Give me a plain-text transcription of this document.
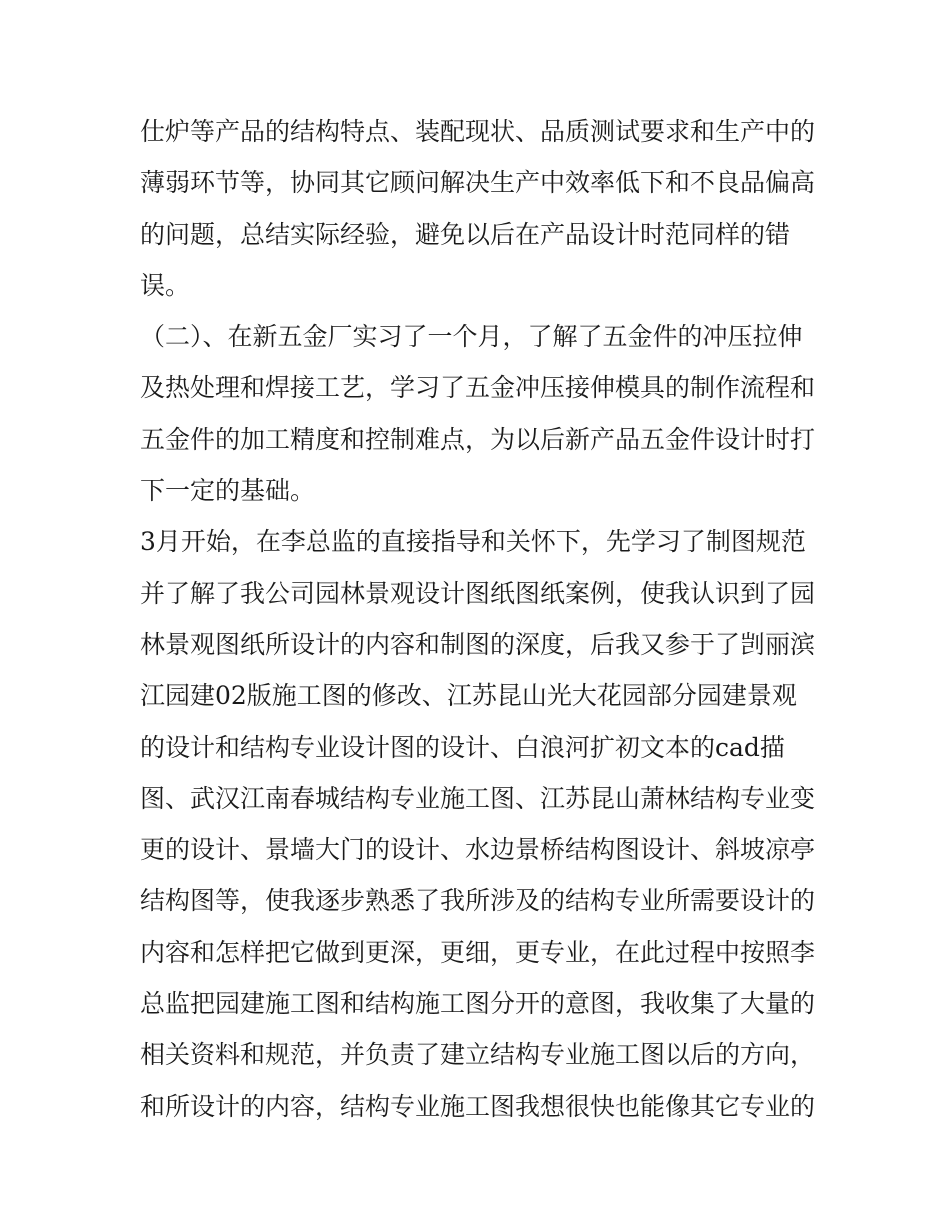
仕炉等产品的结构特点、装配现状、品质测试要求和生产中的
薄弱环节等，协同其它顾问解决生产中效率低下和不良品偏高
的问题，总结实际经验，避免以后在产品设计时范同样的错
误。
（二）、在新五金厂实习了一个月，了解了五金件的冲压拉伸
及热处理和焊接工艺，学习了五金冲压接伸模具的制作流程和
五金件的加工精度和控制难点，为以后新产品五金件设计时打
下一定的基础。
3月开始，在李总监的直接指导和关怀下，先学习了制图规范
并了解了我公司园林景观设计图纸图纸案例，使我认识到了园
林景观图纸所设计的内容和制图的深度，后我又参于了剀丽滨
江园建02版施工图的修改、江苏昆山光大花园部分园建景观
的设计和结构专业设计图的设计、白浪河扩初文本的cad描
图、武汉江南春城结构专业施工图、江苏昆山萧林结构专业变
更的设计、景墙大门的设计、水边景桥结构图设计、斜坡凉亭
结构图等，使我逐步熟悉了我所涉及的结构专业所需要设计的
内容和怎样把它做到更深，更细，更专业，在此过程中按照李
总监把园建施工图和结构施工图分开的意图，我收集了大量的
相关资料和规范，并负责了建立结构专业施工图以后的方向，
和所设计的内容，结构专业施工图我想很快也能像其它专业的
